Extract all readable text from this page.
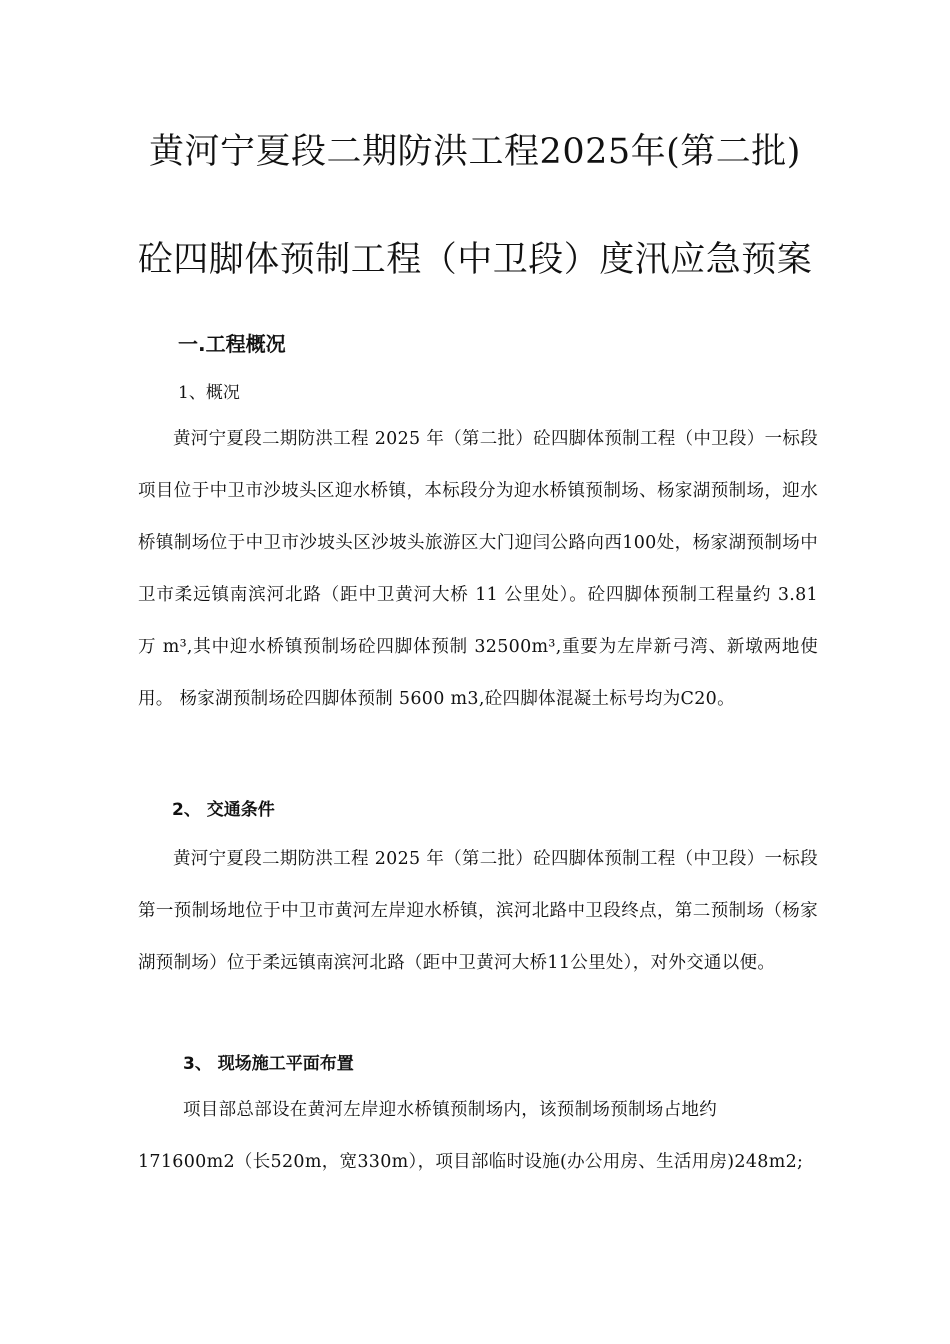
黄河宁夏段二期防洪工程2025年(第二批)
砼四脚体预制工程（中卫段）度汛应急预案
一.工程概况
1、概况

黄河宁夏段二期防洪工程 2025 年（第二批）砼四脚体预制工程（中卫段）一标段项目位于中卫市沙坡头区迎水桥镇，本标段分为迎水桥镇预制场、杨家湖预制场，迎水桥镇制场位于中卫市沙坡头区沙坡头旅游区大门迎闫公路向西100处，杨家湖预制场中卫市柔远镇南滨河北路（距中卫黄河大桥 11 公里处）。砼四脚体预制工程量约 3.81 万 m³,其中迎水桥镇预制场砼四脚体预制 32500m³,重要为左岸新弓湾、新墩两地使用。 杨家湖预制场砼四脚体预制 5600 m3,砼四脚体混凝土标号均为C20。

2、 交通条件

黄河宁夏段二期防洪工程 2025 年（第二批）砼四脚体预制工程（中卫段）一标段第一预制场地位于中卫市黄河左岸迎水桥镇，滨河北路中卫段终点，第二预制场（杨家湖预制场）位于柔远镇南滨河北路（距中卫黄河大桥11公里处），对外交通以便。

3、 现场施工平面布置

项目部总部设在黄河左岸迎水桥镇预制场内，该预制场预制场占地约
171600m2（长520m，宽330m），项目部临时设施(办公用房、生活用房)248m2;
